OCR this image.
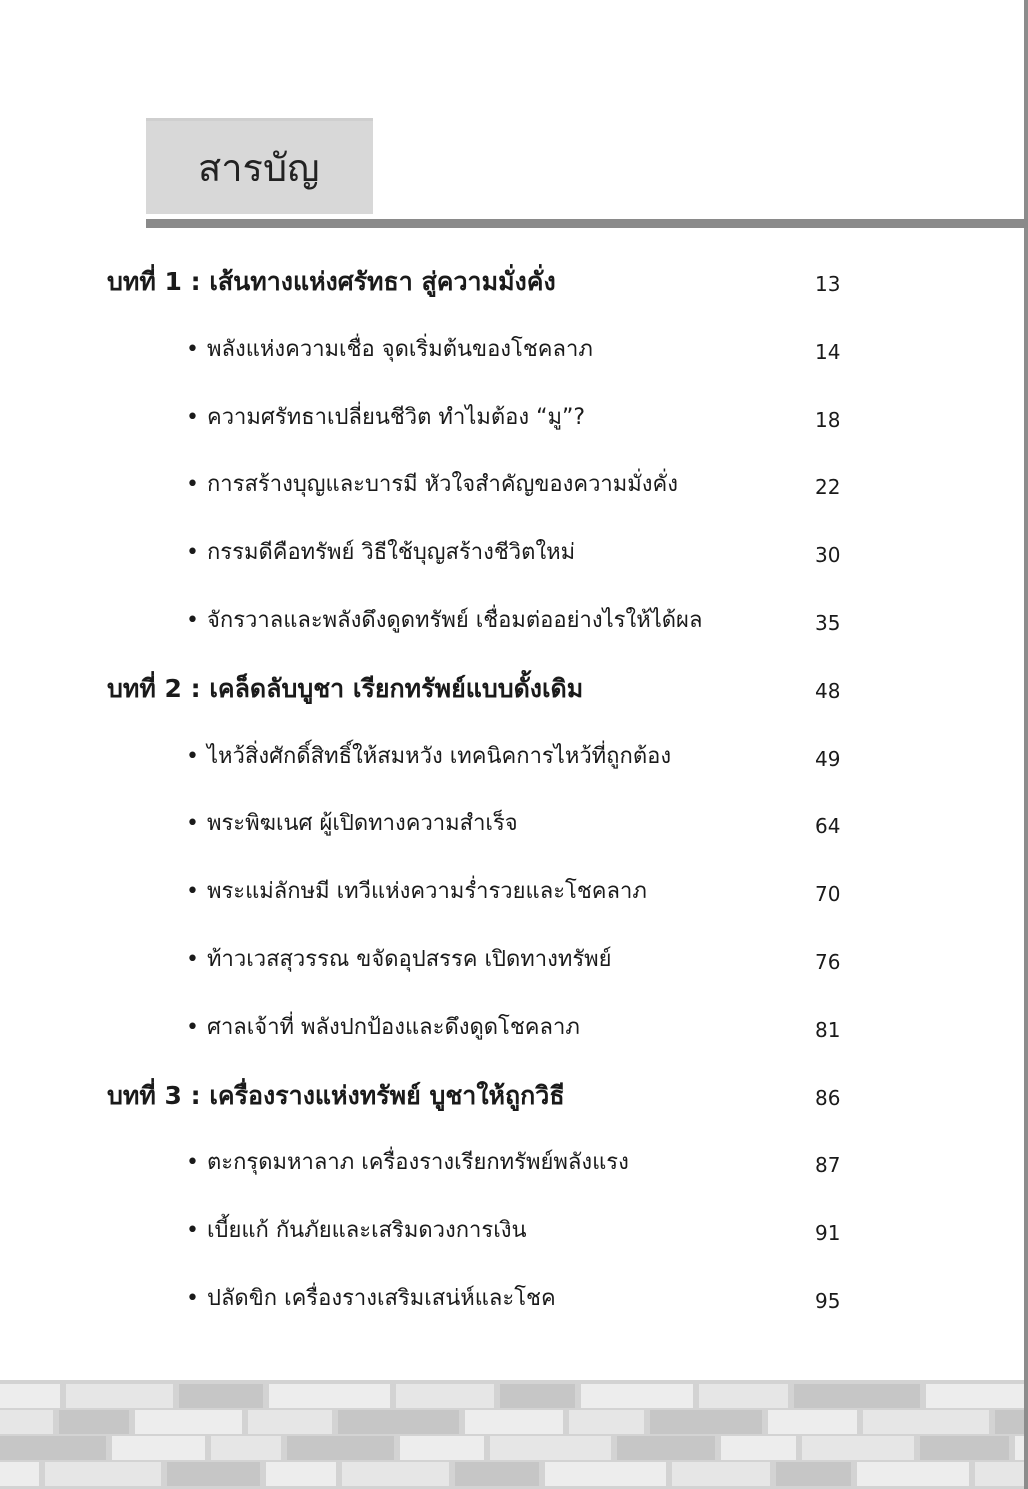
สารบัญ
บทที่ 1 : เส้นทางแห่งศรัทธา สู่ความมั่งคั่ง	13
• พลังแห่งความเชื่อ จุดเริ่มต้นของโชคลาภ	14
• ความศรัทธาเปลี่ยนชีวิต ทำไมต้อง “มู”?	18
• การสร้างบุญและบารมี หัวใจสำคัญของความมั่งคั่ง	22
• กรรมดีคือทรัพย์ วิธีใช้บุญสร้างชีวิตใหม่	30
• จักรวาลและพลังดึงดูดทรัพย์ เชื่อมต่ออย่างไรให้ได้ผล	35
บทที่ 2 : เคล็ดลับบูชา เรียกทรัพย์แบบดั้งเดิม	48
• ไหว้สิ่งศักดิ์สิทธิ์ให้สมหวัง เทคนิคการไหว้ที่ถูกต้อง	49
• พระพิฆเนศ ผู้เปิดทางความสำเร็จ	64
• พระแม่ลักษมี เทวีแห่งความร่ำรวยและโชคลาภ	70
• ท้าวเวสสุวรรณ ขจัดอุปสรรค เปิดทางทรัพย์	76
• ศาลเจ้าที่ พลังปกป้องและดึงดูดโชคลาภ	81
บทที่ 3 : เครื่องรางแห่งทรัพย์ บูชาให้ถูกวิธี	86
• ตะกรุดมหาลาภ เครื่องรางเรียกทรัพย์พลังแรง	87
• เบี้ยแก้ กันภัยและเสริมดวงการเงิน	91
• ปลัดขิก เครื่องรางเสริมเสน่ห์และโชค	95
